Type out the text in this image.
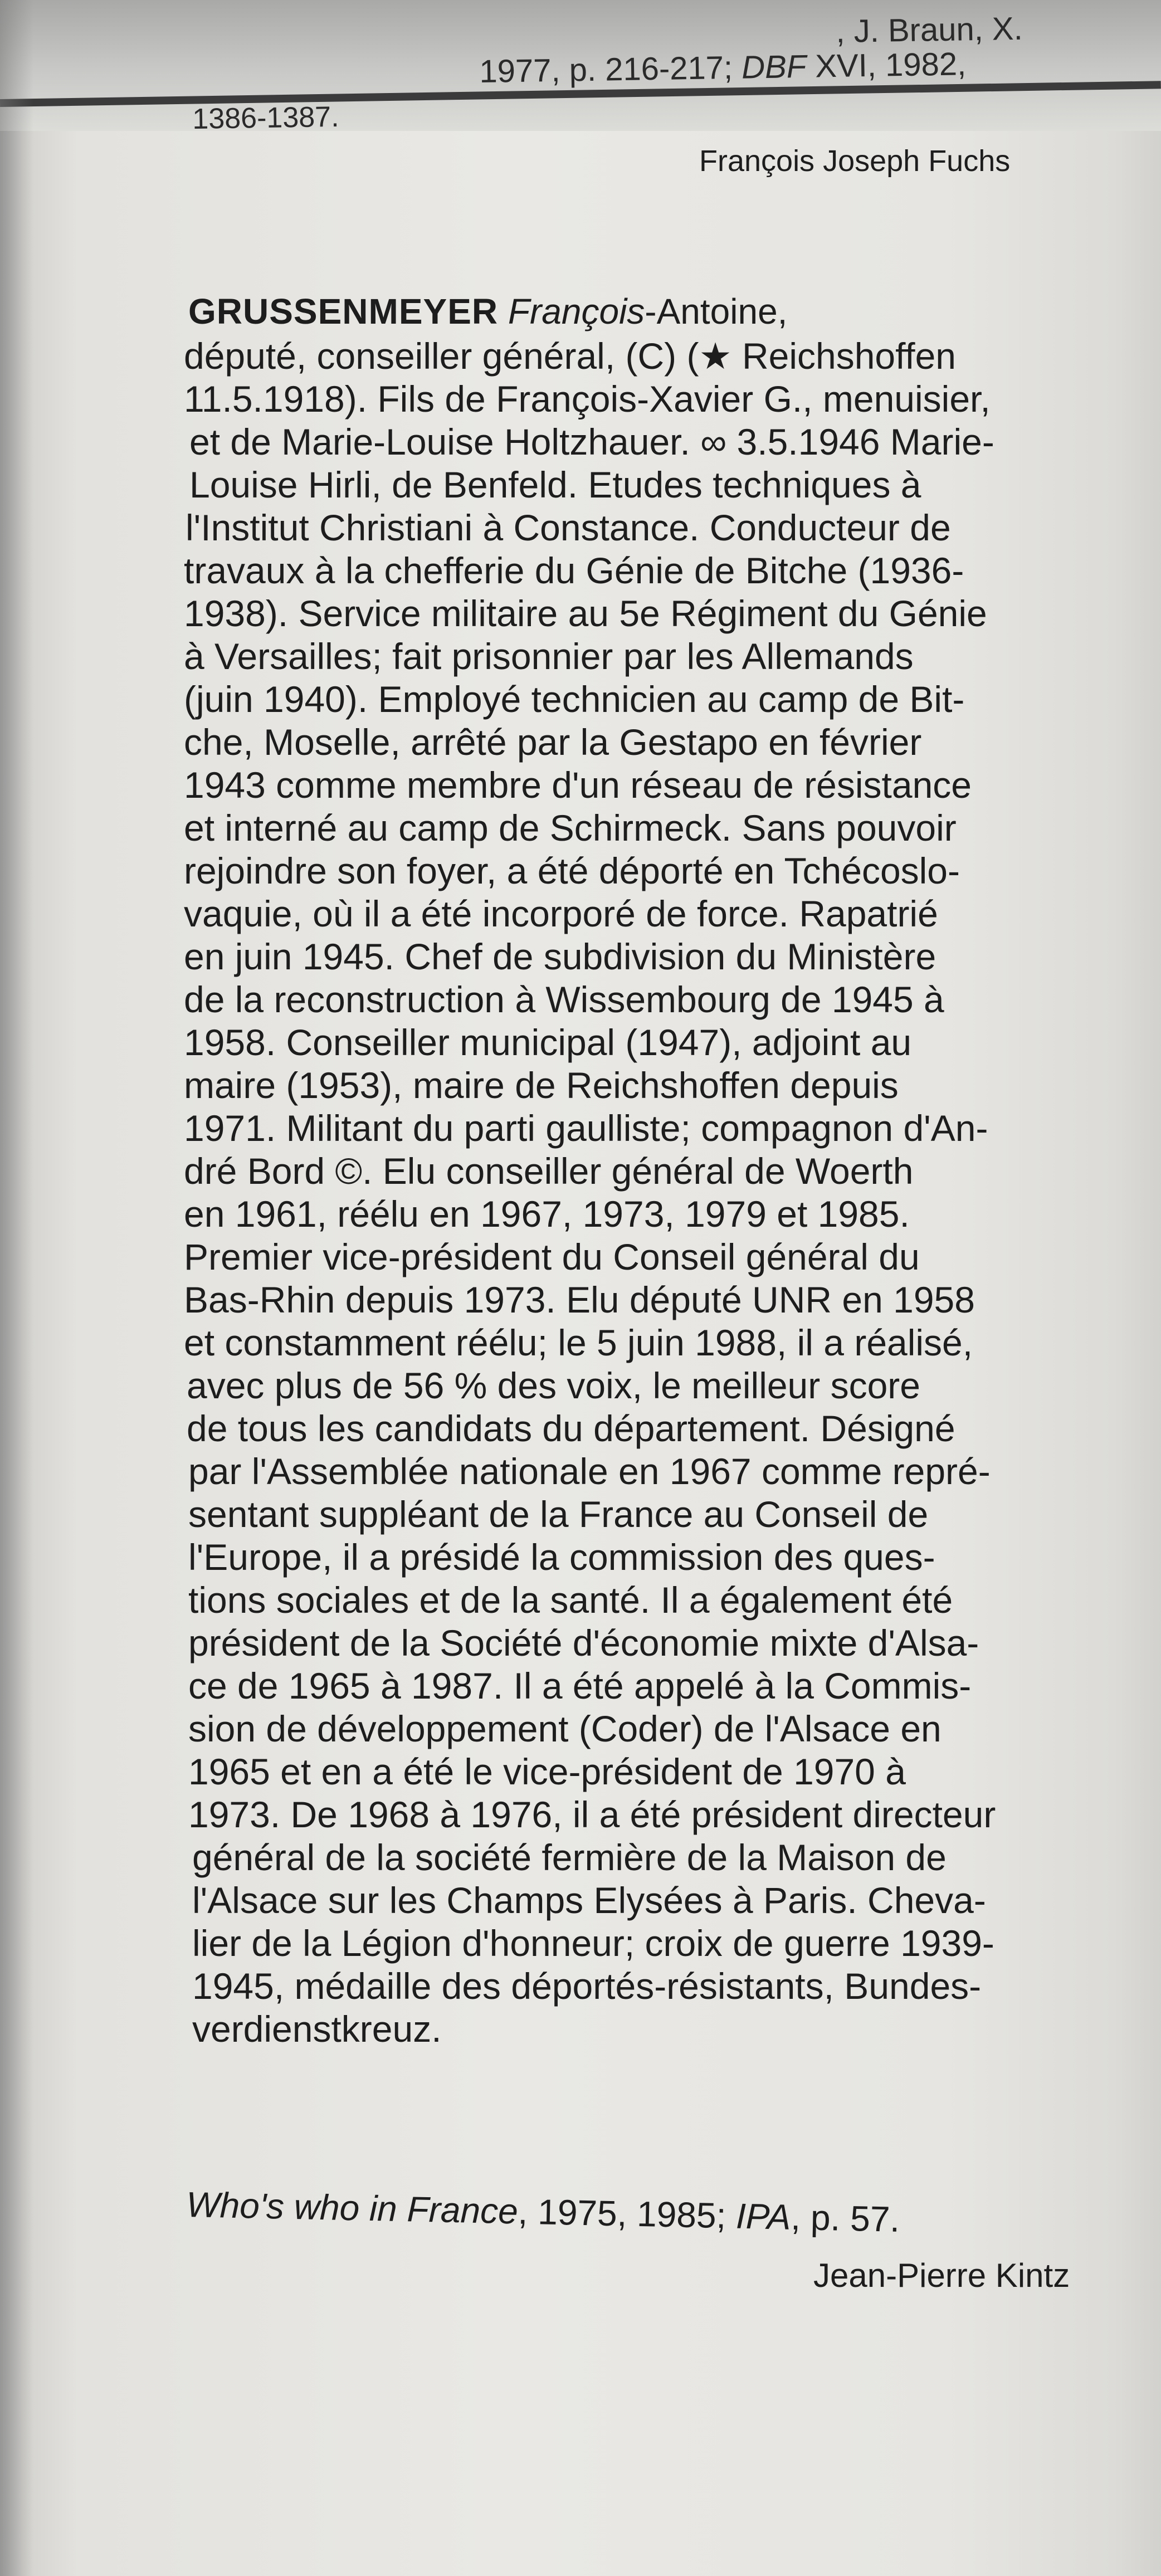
, J. Braun, X.
1977, p. 216-217; DBF XVI, 1982,
1386-1387.
François Joseph Fuchs
GRUSSENMEYER François-Antoine,
député, conseiller général, (C) (★ Reichshoffen
11.5.1918). Fils de François-Xavier G., menuisier,
et de Marie-Louise Holtzhauer. ∞ 3.5.1946 Marie-
Louise Hirli, de Benfeld. Etudes techniques à
l'Institut Christiani à Constance. Conducteur de
travaux à la chefferie du Génie de Bitche (1936-
1938). Service militaire au 5e Régiment du Génie
à Versailles; fait prisonnier par les Allemands
(juin 1940). Employé technicien au camp de Bit-
che, Moselle, arrêté par la Gestapo en février
1943 comme membre d'un réseau de résistance
et interné au camp de Schirmeck. Sans pouvoir
rejoindre son foyer, a été déporté en Tchécoslo-
vaquie, où il a été incorporé de force. Rapatrié
en juin 1945. Chef de subdivision du Ministère
de la reconstruction à Wissembourg de 1945 à
1958. Conseiller municipal (1947), adjoint au
maire (1953), maire de Reichshoffen depuis
1971. Militant du parti gaulliste; compagnon d'An-
dré Bord ©. Elu conseiller général de Woerth
en 1961, réélu en 1967, 1973, 1979 et 1985.
Premier vice-président du Conseil général du
Bas-Rhin depuis 1973. Elu député UNR en 1958
et constamment réélu; le 5 juin 1988, il a réalisé,
avec plus de 56 % des voix, le meilleur score
de tous les candidats du département. Désigné
par l'Assemblée nationale en 1967 comme repré-
sentant suppléant de la France au Conseil de
l'Europe, il a présidé la commission des ques-
tions sociales et de la santé. Il a également été
président de la Société d'économie mixte d'Alsa-
ce de 1965 à 1987. Il a été appelé à la Commis-
sion de développement (Coder) de l'Alsace en
1965 et en a été le vice-président de 1970 à
1973. De 1968 à 1976, il a été président directeur
général de la société fermière de la Maison de
l'Alsace sur les Champs Elysées à Paris. Cheva-
lier de la Légion d'honneur; croix de guerre 1939-
1945, médaille des déportés-résistants, Bundes-
verdienstkreuz.
Who's who in France, 1975, 1985; IPA, p. 57.
Jean-Pierre Kintz
